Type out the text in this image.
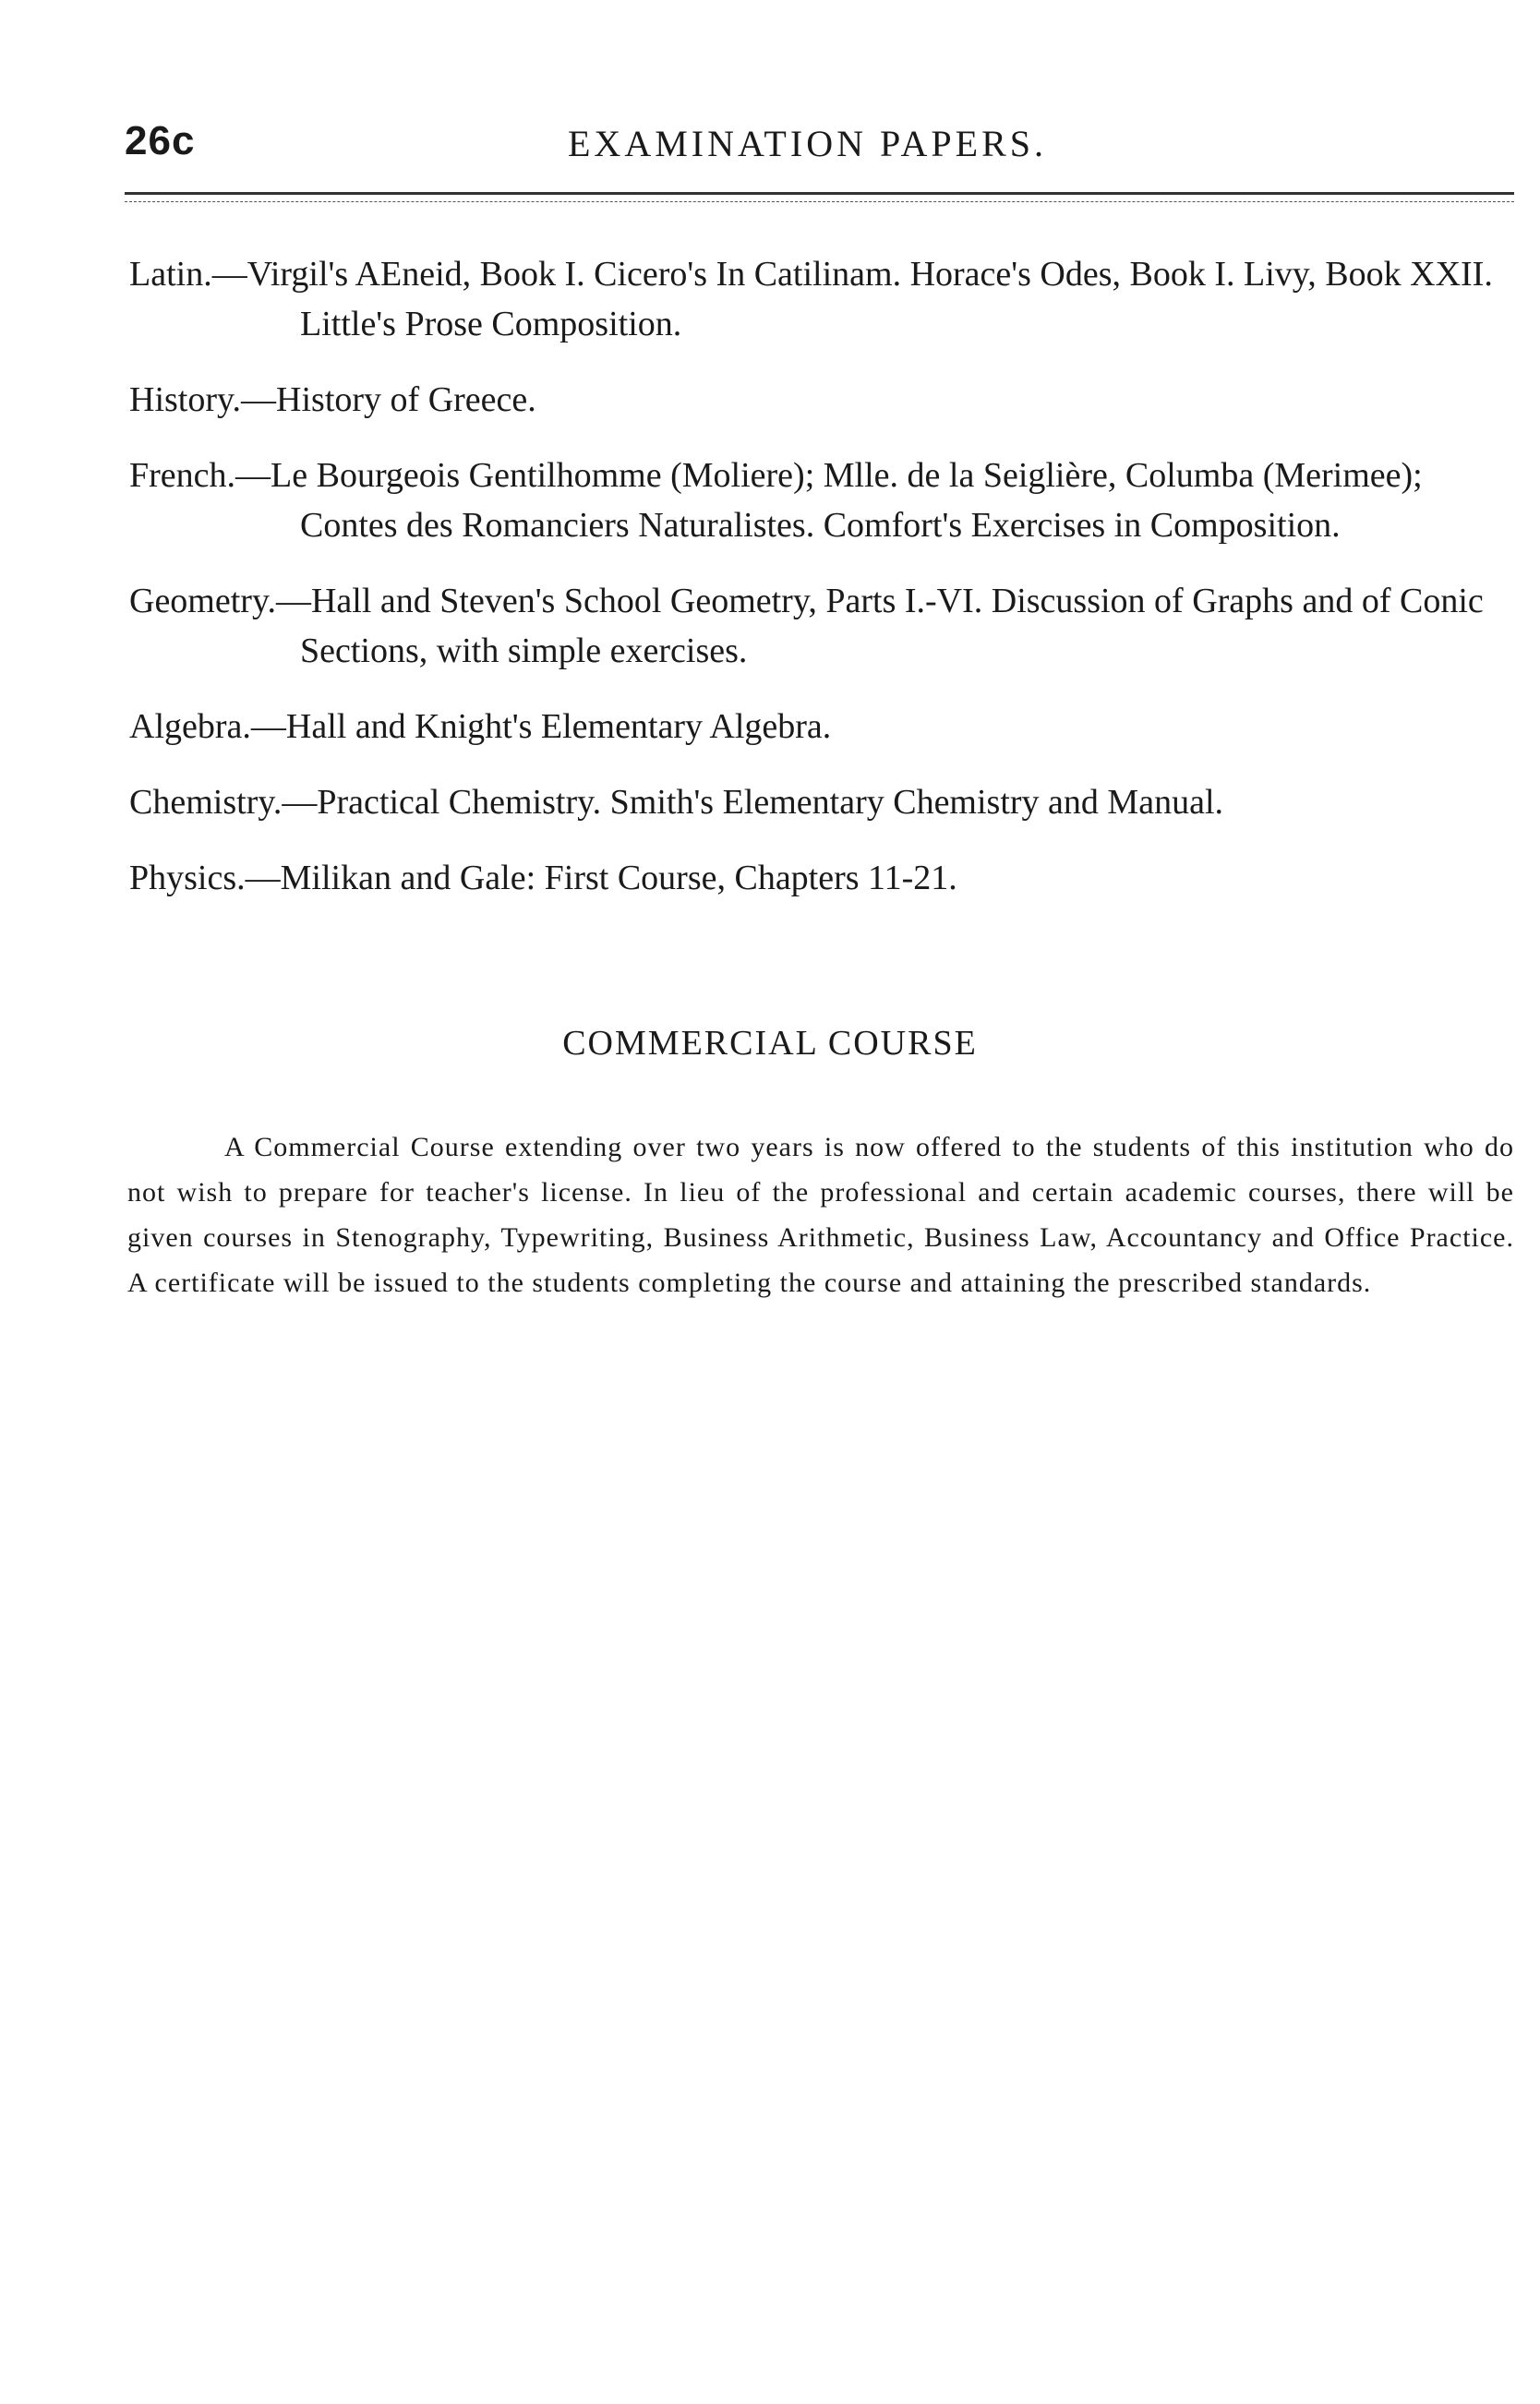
26c	EXAMINATION PAPERS.

Latin.—Virgil's AEneid, Book I. Cicero's In Catilinam. Horace's Odes, Book I. Livy, Book XXII. Little's Prose Composition.

History.—History of Greece.

French.—Le Bourgeois Gentilhomme (Moliere); Mlle. de la Seiglière, Columba (Merimee); Contes des Romanciers Naturalistes. Comfort's Exercises in Composition.

Geometry.—Hall and Steven's School Geometry, Parts I.-VI. Discussion of Graphs and of Conic Sections, with simple exercises.

Algebra.—Hall and Knight's Elementary Algebra.

Chemistry.—Practical Chemistry. Smith's Elementary Chemistry and Manual.

Physics.—Milikan and Gale: First Course, Chapters 11-21.

COMMERCIAL COURSE

A Commercial Course extending over two years is now offered to the students of this institution who do not wish to prepare for teacher's license. In lieu of the professional and certain academic courses, there will be given courses in Stenography, Typewriting, Business Arithmetic, Business Law, Accountancy and Office Practice. A certificate will be issued to the students completing the course and attaining the prescribed standards.
